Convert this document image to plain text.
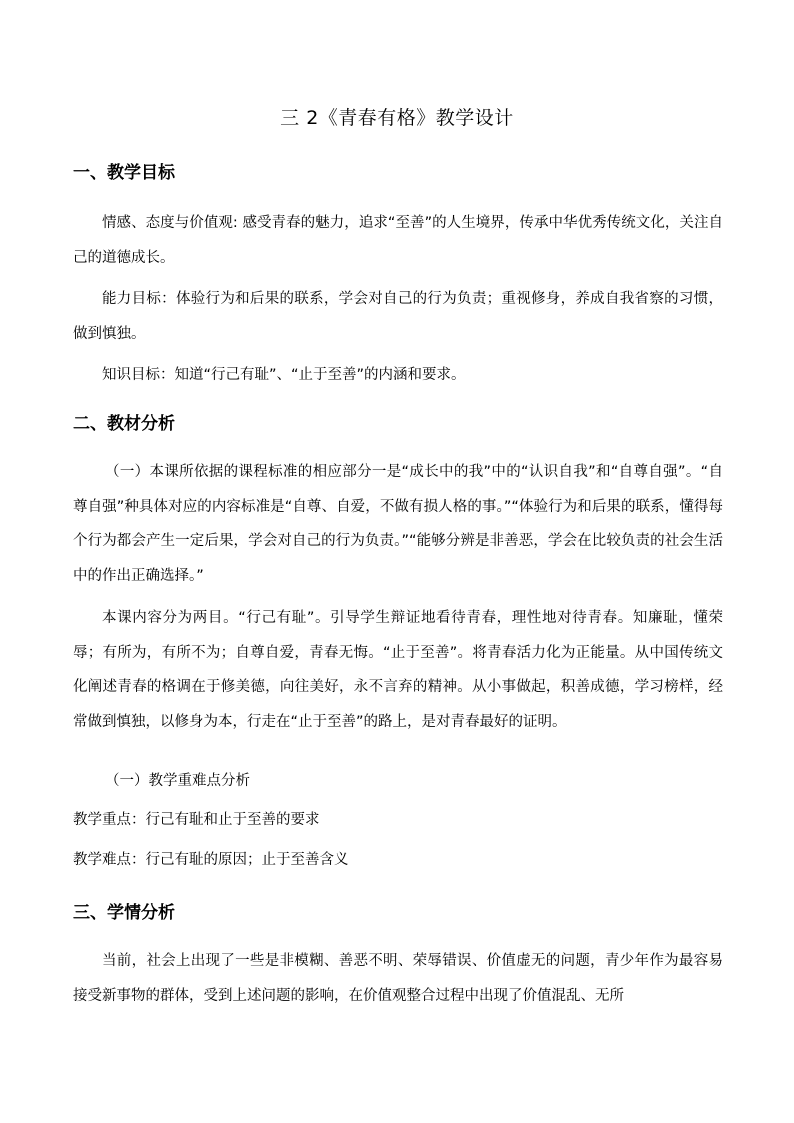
三 2《青春有格》教学设计
一、教学目标
情感、态度与价值观: 感受青春的魅力，追求“至善”的人生境界，传承中华优秀传统文化，关注自己的道德成长。
能力目标：体验行为和后果的联系，学会对自己的行为负责；重视修身，养成自我省察的习惯，做到慎独。
知识目标：知道“行己有耻”、“止于至善”的内涵和要求。
二、教材分析
（一）本课所依据的课程标准的相应部分一是“成长中的我”中的“认识自我”和“自尊自强”。“自尊自强”种具体对应的内容标准是“自尊、自爱，不做有损人格的事。”“体验行为和后果的联系，懂得每个行为都会产生一定后果，学会对自己的行为负责。”“能够分辨是非善恶，学会在比较负责的社会生活中的作出正确选择。”
本课内容分为两目。“行己有耻”。引导学生辩证地看待青春，理性地对待青春。知廉耻，懂荣辱；有所为，有所不为；自尊自爱，青春无悔。“止于至善”。将青春活力化为正能量。从中国传统文化阐述青春的格调在于修美德，向往美好，永不言弃的精神。从小事做起，积善成德，学习榜样，经常做到慎独，以修身为本，行走在“止于至善”的路上，是对青春最好的证明。
（一）教学重难点分析
教学重点：行己有耻和止于至善的要求
教学难点：行己有耻的原因；止于至善含义
三、学情分析
当前，社会上出现了一些是非模糊、善恶不明、荣辱错误、价值虚无的问题，青少年作为最容易接受新事物的群体，受到上述问题的影响，在价值观整合过程中出现了价值混乱、无所
